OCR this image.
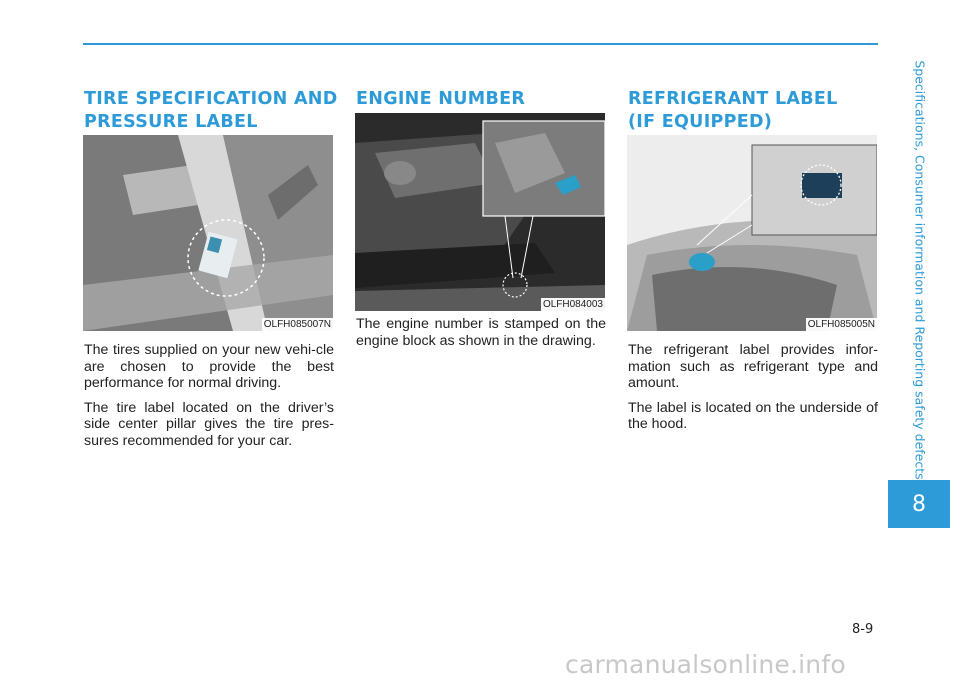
TIRE SPECIFICATION AND
PRESSURE LABEL
OLFH085007N

The tires supplied on your new vehi-cle are chosen to provide the best performance for normal driving.

The tire label located on the driver’s side center pillar gives the tire pres-sures recommended for your car.

ENGINE NUMBER
OLFH084003

The engine number is stamped on the engine block as shown in the drawing.

REFRIGERANT LABEL
(IF EQUIPPED)
OLFH085005N

The refrigerant label provides infor-mation such as refrigerant type and amount.

The label is located on the underside of the hood.	Specifications, Consumer information and Reporting safety defects
8
8-9
carmanualsonline.info
